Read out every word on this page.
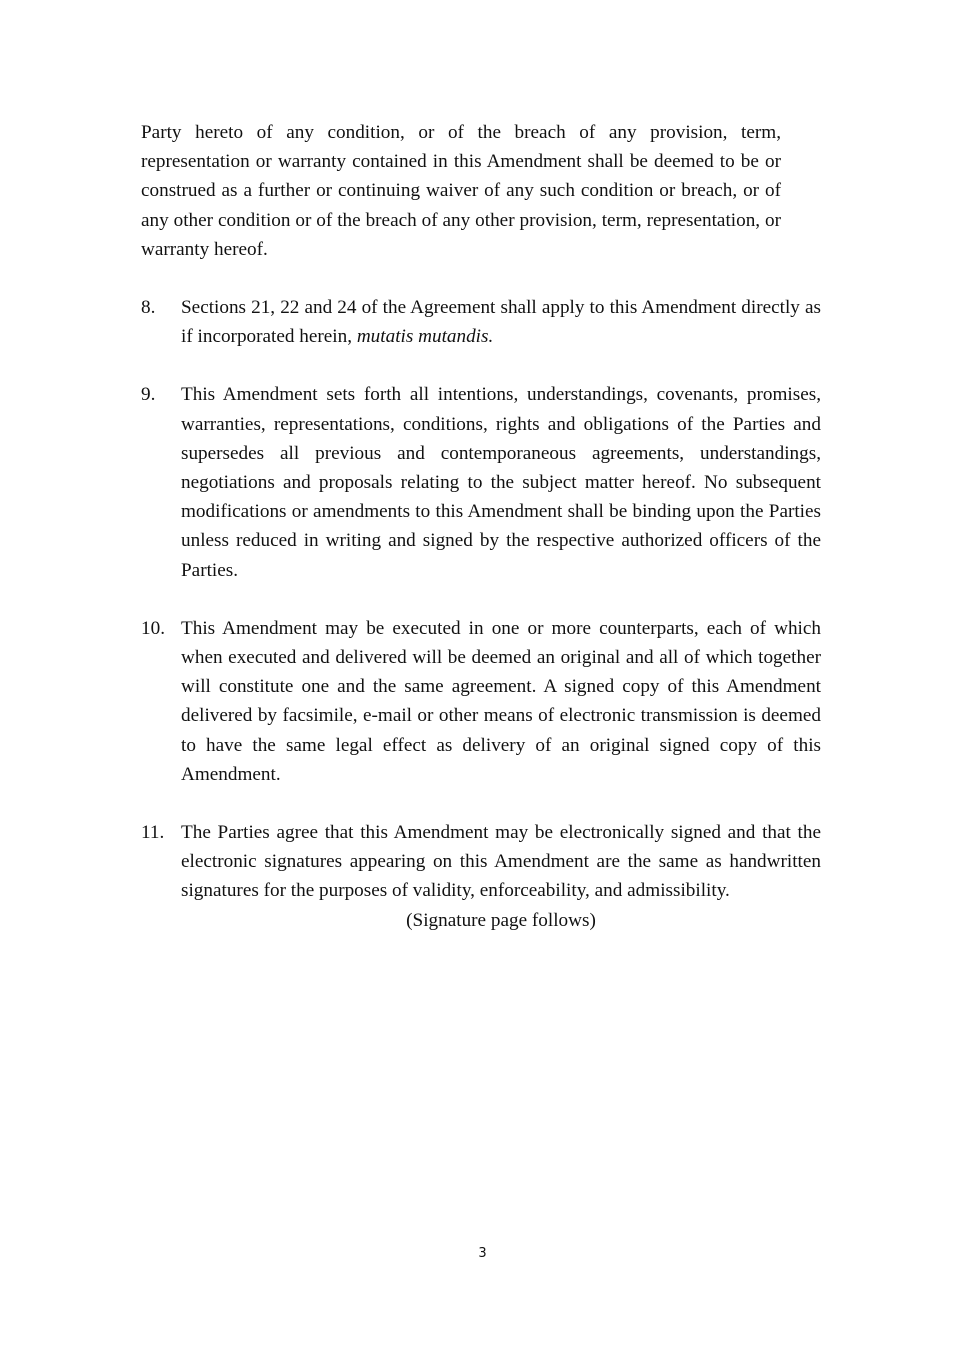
Party hereto of any condition, or of the breach of any provision, term, representation or warranty contained in this Amendment shall be deemed to be or construed as a further or continuing waiver of any such condition or breach, or of any other condition or of the breach of any other provision, term, representation, or warranty hereof.

8.	Sections 21, 22 and 24 of the Agreement shall apply to this Amendment directly as if incorporated herein, mutatis mutandis.
9.	This Amendment sets forth all intentions, understandings, covenants, promises, warranties, representations, conditions, rights and obligations of the Parties and supersedes all previous and contemporaneous agreements, understandings, negotiations and proposals relating to the subject matter hereof. No subsequent modifications or amendments to this Amendment shall be binding upon the Parties unless reduced in writing and signed by the respective authorized officers of the Parties.
10. This Amendment may be executed in one or more counterparts, each of which when executed and delivered will be deemed an original and all of which together will constitute one and the same agreement. A signed copy of this Amendment delivered by facsimile, e-mail or other means of electronic transmission is deemed to have the same legal effect as delivery of an original signed copy of this Amendment.
11. The Parties agree that this Amendment may be electronically signed and that the electronic signatures appearing on this Amendment are the same as handwritten signatures for the purposes of validity, enforceability, and admissibility.
(Signature page follows)
3
